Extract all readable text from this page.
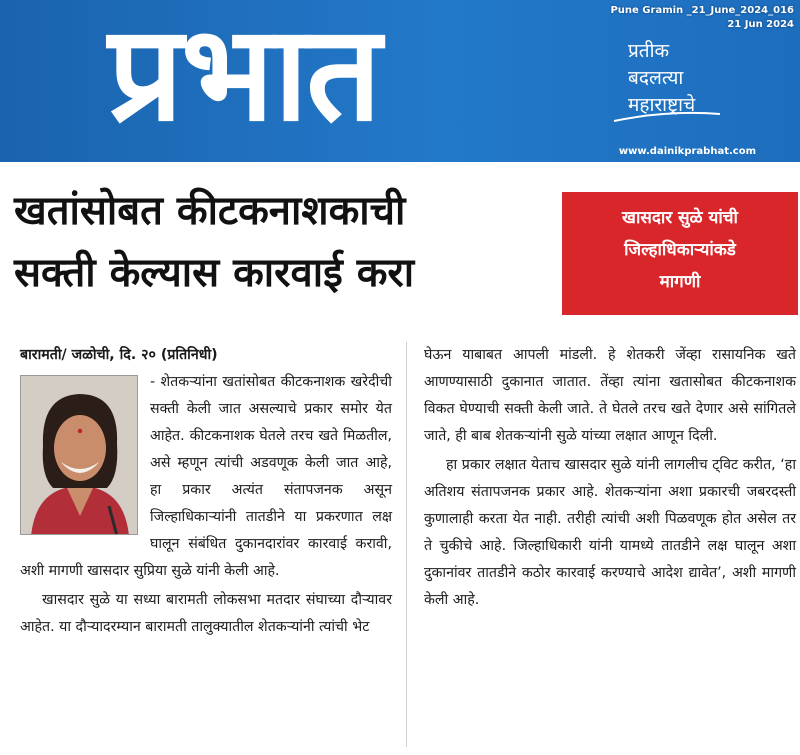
प्रभात	प्रतीक
बदलत्या
महाराष्ट्राचे
Pune Gramin _21_June_2024_016
21 Jun 2024
www.dainikprabhat.com
खतांसोबत कीटकनाशकाची
सक्ती केल्यास कारवाई करा
खासदार सुळे यांची
जिल्हाधिकाऱ्यांकडे
मागणी
बारामती/ जळोची, दि. २० (प्रतिनिधी)
- शेतकऱ्यांना खतांसोबत कीटकनाशक खरेदीची सक्ती केली जात असल्याचे प्रकार समोर येत आहेत. कीटकनाशक घेतले तरच खते मिळतील, असे म्हणून त्यांची अडवणूक केली जात आहे, हा प्रकार अत्यंत संतापजनक असून जिल्हाधिकाऱ्यांनी तातडीने या प्रकरणात लक्ष घालून संबंधित दुकानदारांवर कारवाई करावी, अशी मागणी खासदार सुप्रिया सुळे यांनी केली आहे.
खासदार सुळे या सध्या बारामती लोकसभा मतदार संघाच्या दौऱ्यावर आहेत. या दौऱ्यादरम्यान बारामती तालुक्यातील शेतकऱ्यांनी त्यांची भेट
घेऊन याबाबत आपली मांडली. हे शेतकरी जेंव्हा रासायनिक खते आणण्यासाठी दुकानात जातात. तेंव्हा त्यांना खतासोबत कीटकनाशक विकत घेण्याची सक्ती केली जाते. ते घेतले तरच खते देणार असे सांगितले जाते, ही बाब शेतकऱ्यांनी सुळे यांच्या लक्षात आणून दिली.
हा प्रकार लक्षात येताच खासदार सुळे यांनी लागलीच ट्विट करीत, ‘हा अतिशय संतापजनक प्रकार आहे. शेतकऱ्यांना अशा प्रकारची जबरदस्ती कुणालाही करता येत नाही. तरीही त्यांची अशी पिळवणूक होत असेल तर ते चुकीचे आहे. जिल्हाधिकारी यांनी यामध्ये तातडीने लक्ष घालून अशा दुकानांवर तातडीने कठोर कारवाई करण्याचे आदेश द्यावेत’, अशी मागणी केली आहे.
